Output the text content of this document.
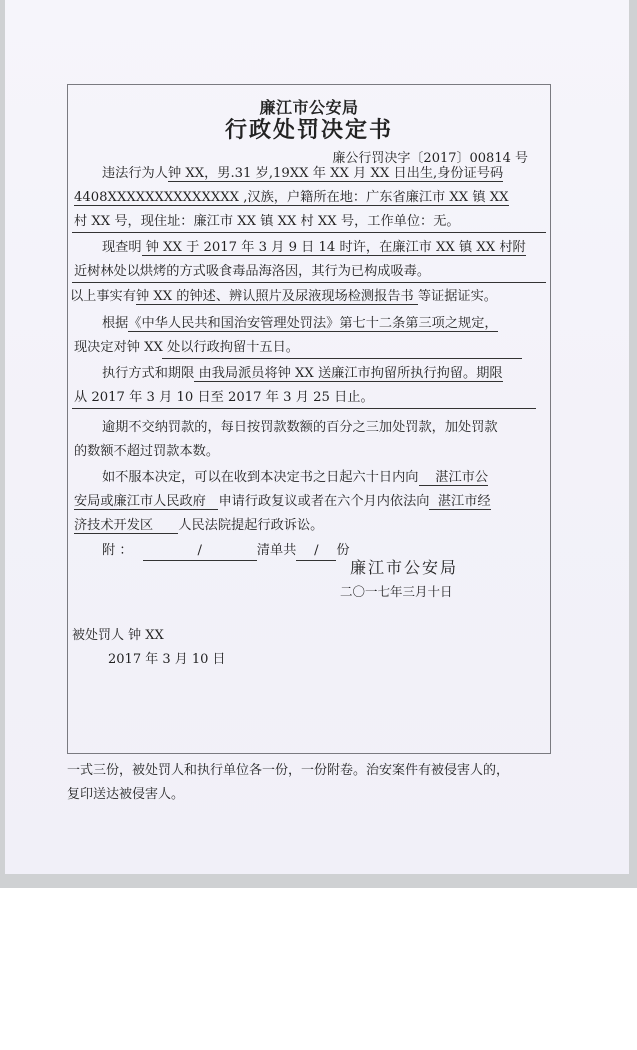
廉江市公安局
行政处罚决定书
廉公行罚决字〔2017〕00814 号
违法行为人钟 XX，男.31 岁,19XX 年 XX 月 XX 日出生,身份证号码
4408XXXXXXXXXXXXXX ,汉族，户籍所在地：广东省廉江市 XX 镇 XX
村 XX 号，现住址：廉江市 XX 镇 XX 村 XX 号，工作单位：无。
现查明 钟 XX 于 2017 年 3 月 9 日 14 时许，在廉江市 XX 镇 XX 村附
近树林处以烘烤的方式吸食毒品海洛因，其行为已构成吸毒。
以上事实有钟 XX 的钟述、辨认照片及尿液现场检测报告书 等证据证实。
根据《中华人民共和国治安管理处罚法》第七十二条第三项之规定，
现决定对钟 XX 处以行政拘留十五日。
执行方式和期限 由我局派员将钟 XX 送廉江市拘留所执行拘留。期限
从 2017 年 3 月 10 日至 2017 年 3 月 25 日止。
逾期不交纳罚款的，每日按罚款数额的百分之三加处罚款，加处罚款
的数额不超过罚款本数。
如不服本决定，可以在收到本决定书之日起六十日内向    湛江市公
安局或廉江市人民政府   申请行政复议或者在六个月内依法向  湛江市经
济技术开发区      人民法院提起行政诉讼。
附 ：	/	清单共 / 份
廉江市公安局
二〇一七年三月十日
被处罚人 钟 XX
2017 年 3 月 10 日
一式三份，被处罚人和执行单位各一份，一份附卷。治安案件有被侵害人的，
复印送达被侵害人。
